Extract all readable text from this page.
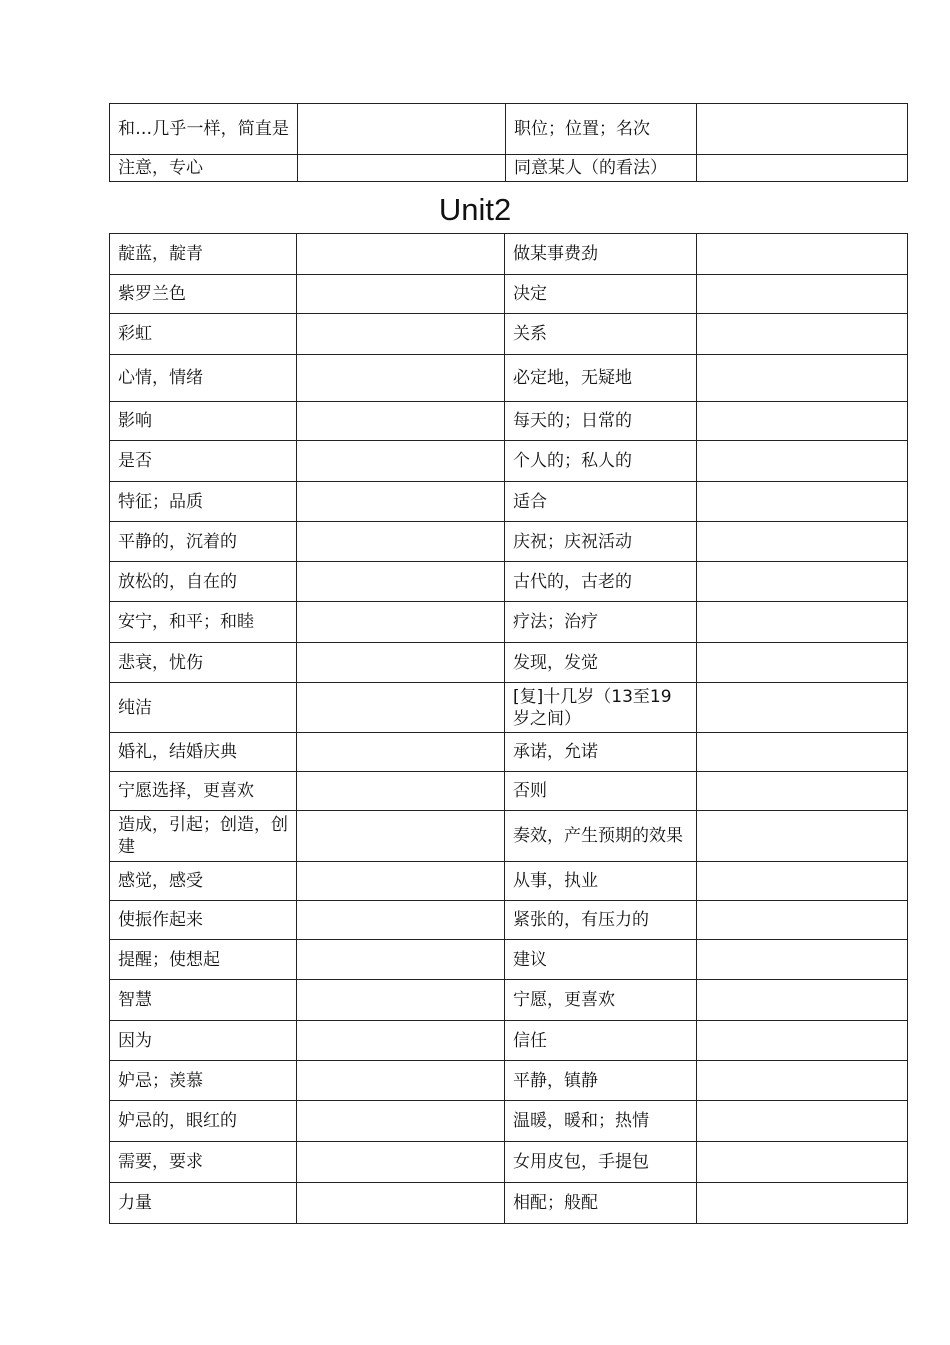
和…几乎一样，简直是		职位；位置；名次	
注意，专心		同意某人（的看法）	
Unit2
靛蓝，靛青		做某事费劲	
紫罗兰色		决定	
彩虹		关系	
心情，情绪		必定地，无疑地	
影响		每天的；日常的	
是否		个人的；私人的	
特征；品质		适合	
平静的，沉着的		庆祝；庆祝活动	
放松的，自在的		古代的，古老的	
安宁，和平；和睦		疗法；治疗	
悲衰，忧伤		发现，发觉	
纯洁		[复]十几岁（13至19岁之间）	
婚礼，结婚庆典		承诺，允诺	
宁愿选择，更喜欢		否则	
造成，引起；创造，创建		奏效，产生预期的效果	
感觉，感受		从事，执业	
使振作起来		紧张的，有压力的	
提醒；使想起		建议	
智慧		宁愿，更喜欢	
因为		信任	
妒忌；羡慕		平静，镇静	
妒忌的，眼红的		温暖，暖和；热情	
需要，要求		女用皮包，手提包	
力量		相配；般配	
